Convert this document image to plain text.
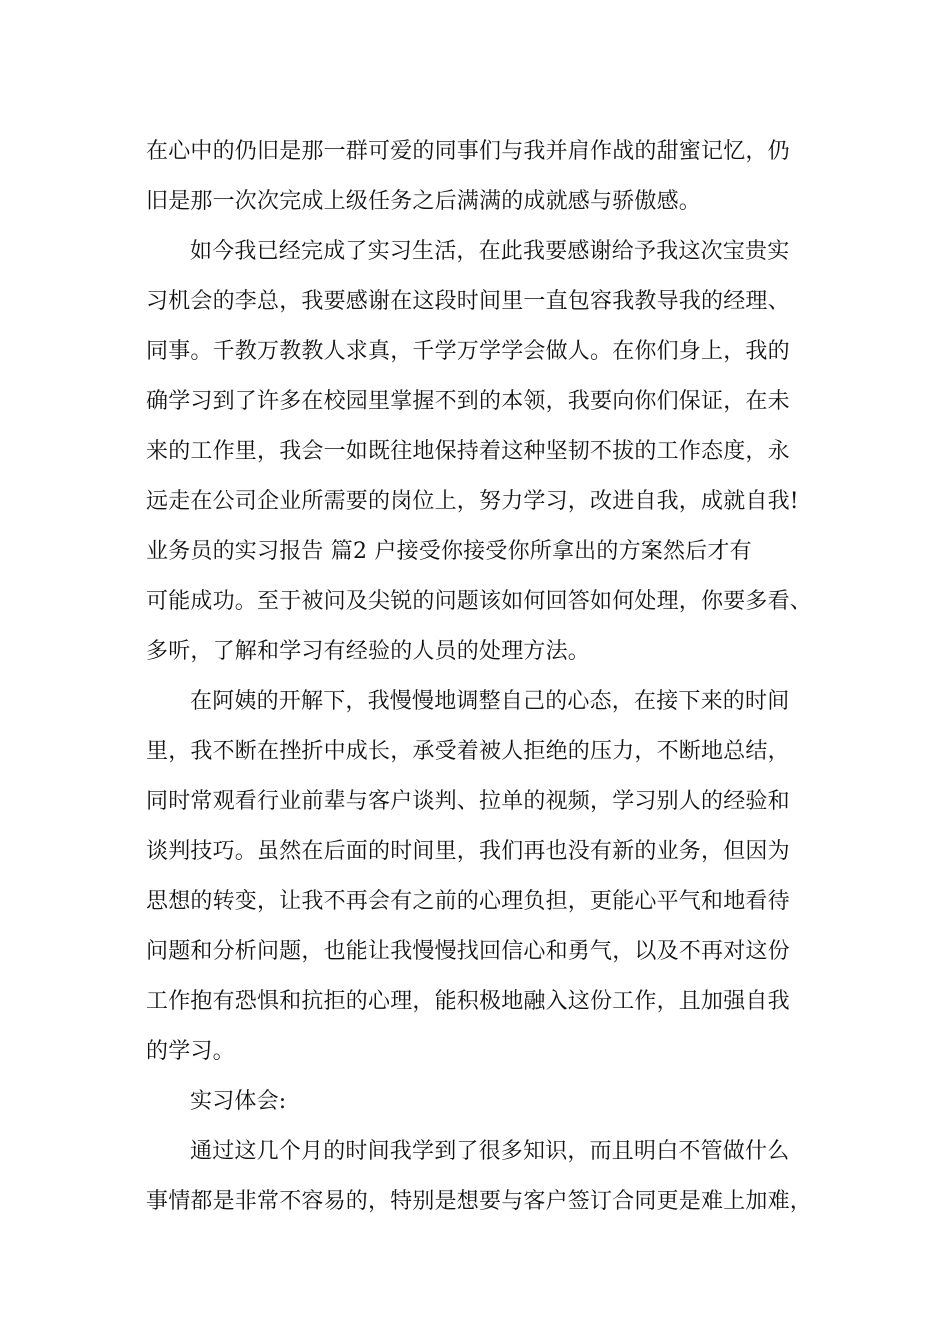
在心中的仍旧是那一群可爱的同事们与我并肩作战的甜蜜记忆，仍
旧是那一次次完成上级任务之后满满的成就感与骄傲感。
如今我已经完成了实习生活，在此我要感谢给予我这次宝贵实
习机会的李总，我要感谢在这段时间里一直包容我教导我的经理、
同事。千教万教教人求真，千学万学学会做人。在你们身上，我的
确学习到了许多在校园里掌握不到的本领，我要向你们保证，在未
来的工作里，我会一如既往地保持着这种坚韧不拔的工作态度，永
远走在公司企业所需要的岗位上，努力学习，改进自我，成就自我!
业务员的实习报告 篇2 户接受你接受你所拿出的方案然后才有
可能成功。至于被问及尖锐的问题该如何回答如何处理，你要多看、
多听，了解和学习有经验的人员的处理方法。
在阿姨的开解下，我慢慢地调整自己的心态，在接下来的时间
里，我不断在挫折中成长，承受着被人拒绝的压力，不断地总结，
同时常观看行业前辈与客户谈判、拉单的视频，学习别人的经验和
谈判技巧。虽然在后面的时间里，我们再也没有新的业务，但因为
思想的转变，让我不再会有之前的心理负担，更能心平气和地看待
问题和分析问题，也能让我慢慢找回信心和勇气，以及不再对这份
工作抱有恐惧和抗拒的心理，能积极地融入这份工作，且加强自我
的学习。
实习体会:
通过这几个月的时间我学到了很多知识，而且明白不管做什么
事情都是非常不容易的，特别是想要与客户签订合同更是难上加难，
